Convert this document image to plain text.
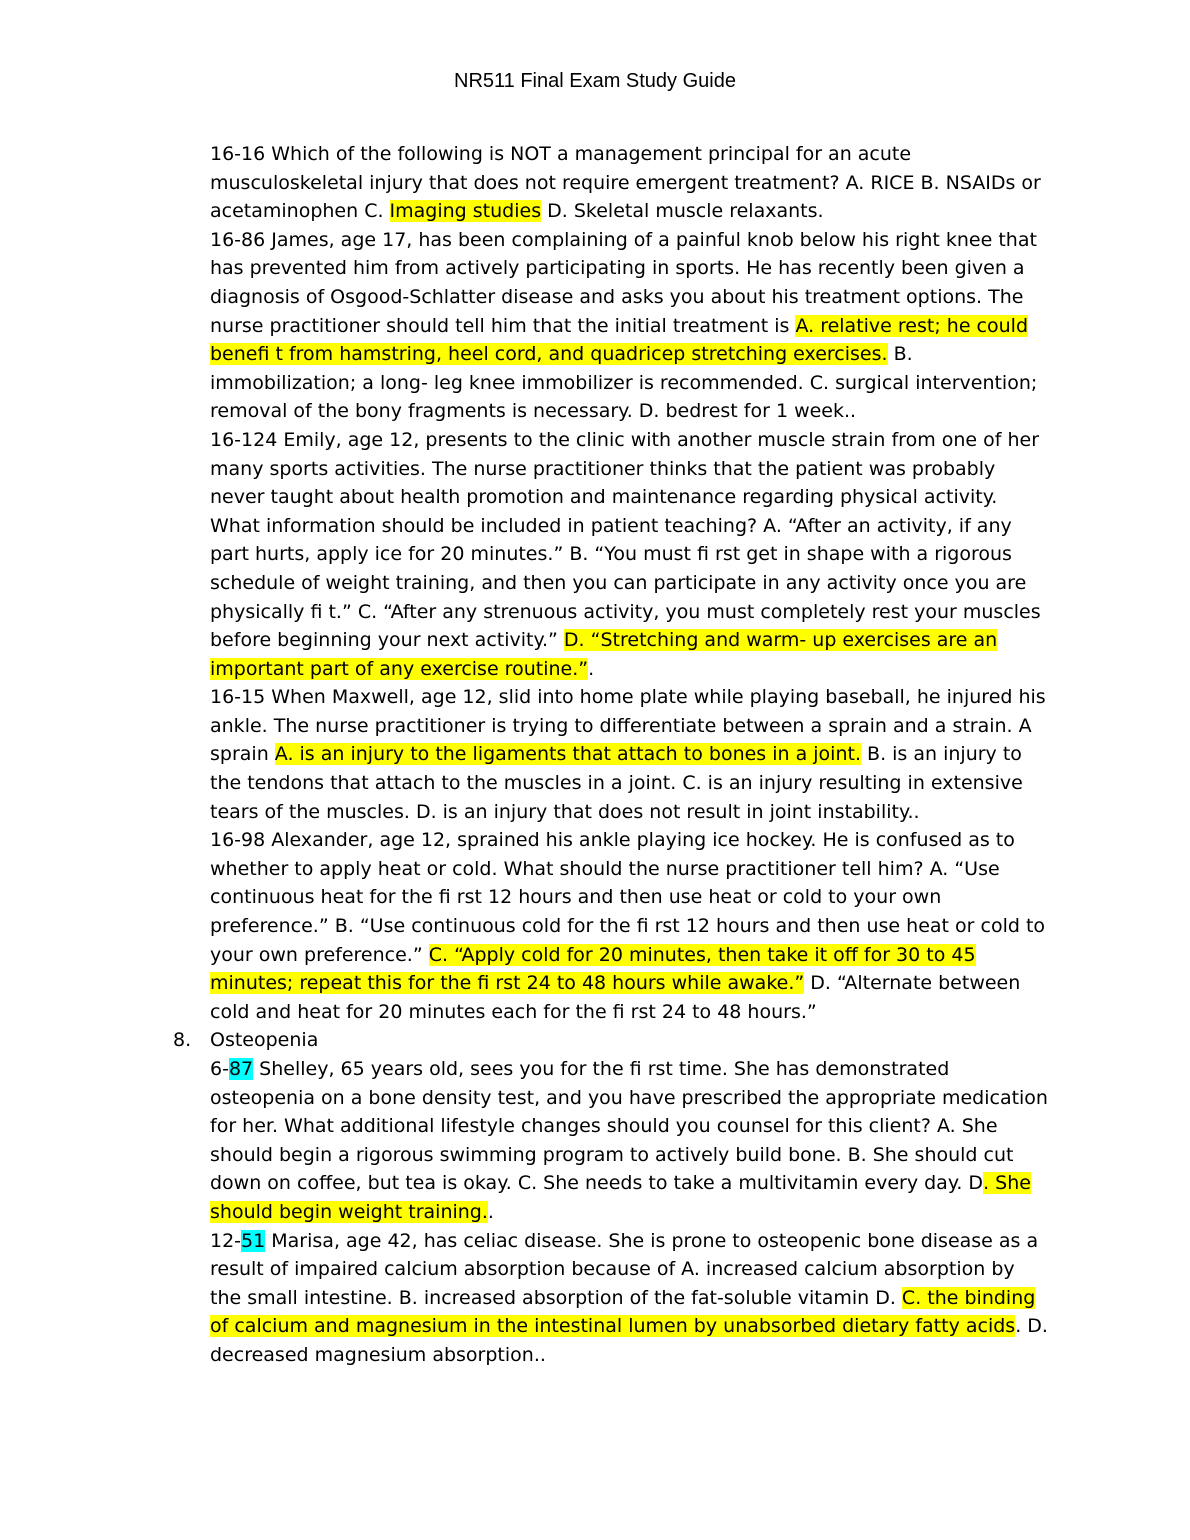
NR511 Final Exam Study Guide

16-16 Which of the following is NOT a management principal for an acute musculoskeletal injury that does not require emergent treatment? A. RICE B. NSAIDs or acetaminophen C. Imaging studies D. Skeletal muscle relaxants.

16-86 James, age 17, has been complaining of a painful knob below his right knee that has prevented him from actively participating in sports. He has recently been given a diagnosis of Osgood-Schlatter disease and asks you about his treatment options. The nurse practitioner should tell him that the initial treatment is A. relative rest; he could benefi t from hamstring, heel cord, and quadricep stretching exercises. B. immobilization; a long- leg knee immobilizer is recommended. C. surgical intervention; removal of the bony fragments is necessary. D. bedrest for 1 week..

16-124 Emily, age 12, presents to the clinic with another muscle strain from one of her many sports activities. The nurse practitioner thinks that the patient was probably never taught about health promotion and maintenance regarding physical activity. What information should be included in patient teaching? A. “After an activity, if any part hurts, apply ice for 20 minutes.” B. “You must fi rst get in shape with a rigorous schedule of weight training, and then you can participate in any activity once you are physically fi t.” C. “After any strenuous activity, you must completely rest your muscles before beginning your next activity.” D. “Stretching and warm- up exercises are an important part of any exercise routine.”.

16-15 When Maxwell, age 12, slid into home plate while playing baseball, he injured his ankle. The nurse practitioner is trying to differentiate between a sprain and a strain. A sprain A. is an injury to the ligaments that attach to bones in a joint. B. is an injury to the tendons that attach to the muscles in a joint. C. is an injury resulting in extensive tears of the muscles. D. is an injury that does not result in joint instability..

16-98 Alexander, age 12, sprained his ankle playing ice hockey. He is confused as to whether to apply heat or cold. What should the nurse practitioner tell him? A. “Use continuous heat for the fi rst 12 hours and then use heat or cold to your own preference.” B. “Use continuous cold for the fi rst 12 hours and then use heat or cold to your own preference.” C. “Apply cold for 20 minutes, then take it off for 30 to 45 minutes; repeat this for the fi rst 24 to 48 hours while awake.” D. “Alternate between cold and heat for 20 minutes each for the fi rst 24 to 48 hours.”

8. Osteopenia

6-87 Shelley, 65 years old, sees you for the fi rst time. She has demonstrated osteopenia on a bone density test, and you have prescribed the appropriate medication for her. What additional lifestyle changes should you counsel for this client? A. She should begin a rigorous swimming program to actively build bone. B. She should cut down on coffee, but tea is okay. C. She needs to take a multivitamin every day. D. She should begin weight training..

12-51 Marisa, age 42, has celiac disease. She is prone to osteopenic bone disease as a result of impaired calcium absorption because of A. increased calcium absorption by the small intestine. B. increased absorption of the fat-soluble vitamin D. C. the binding of calcium and magnesium in the intestinal lumen by unabsorbed dietary fatty acids. D. decreased magnesium absorption..
